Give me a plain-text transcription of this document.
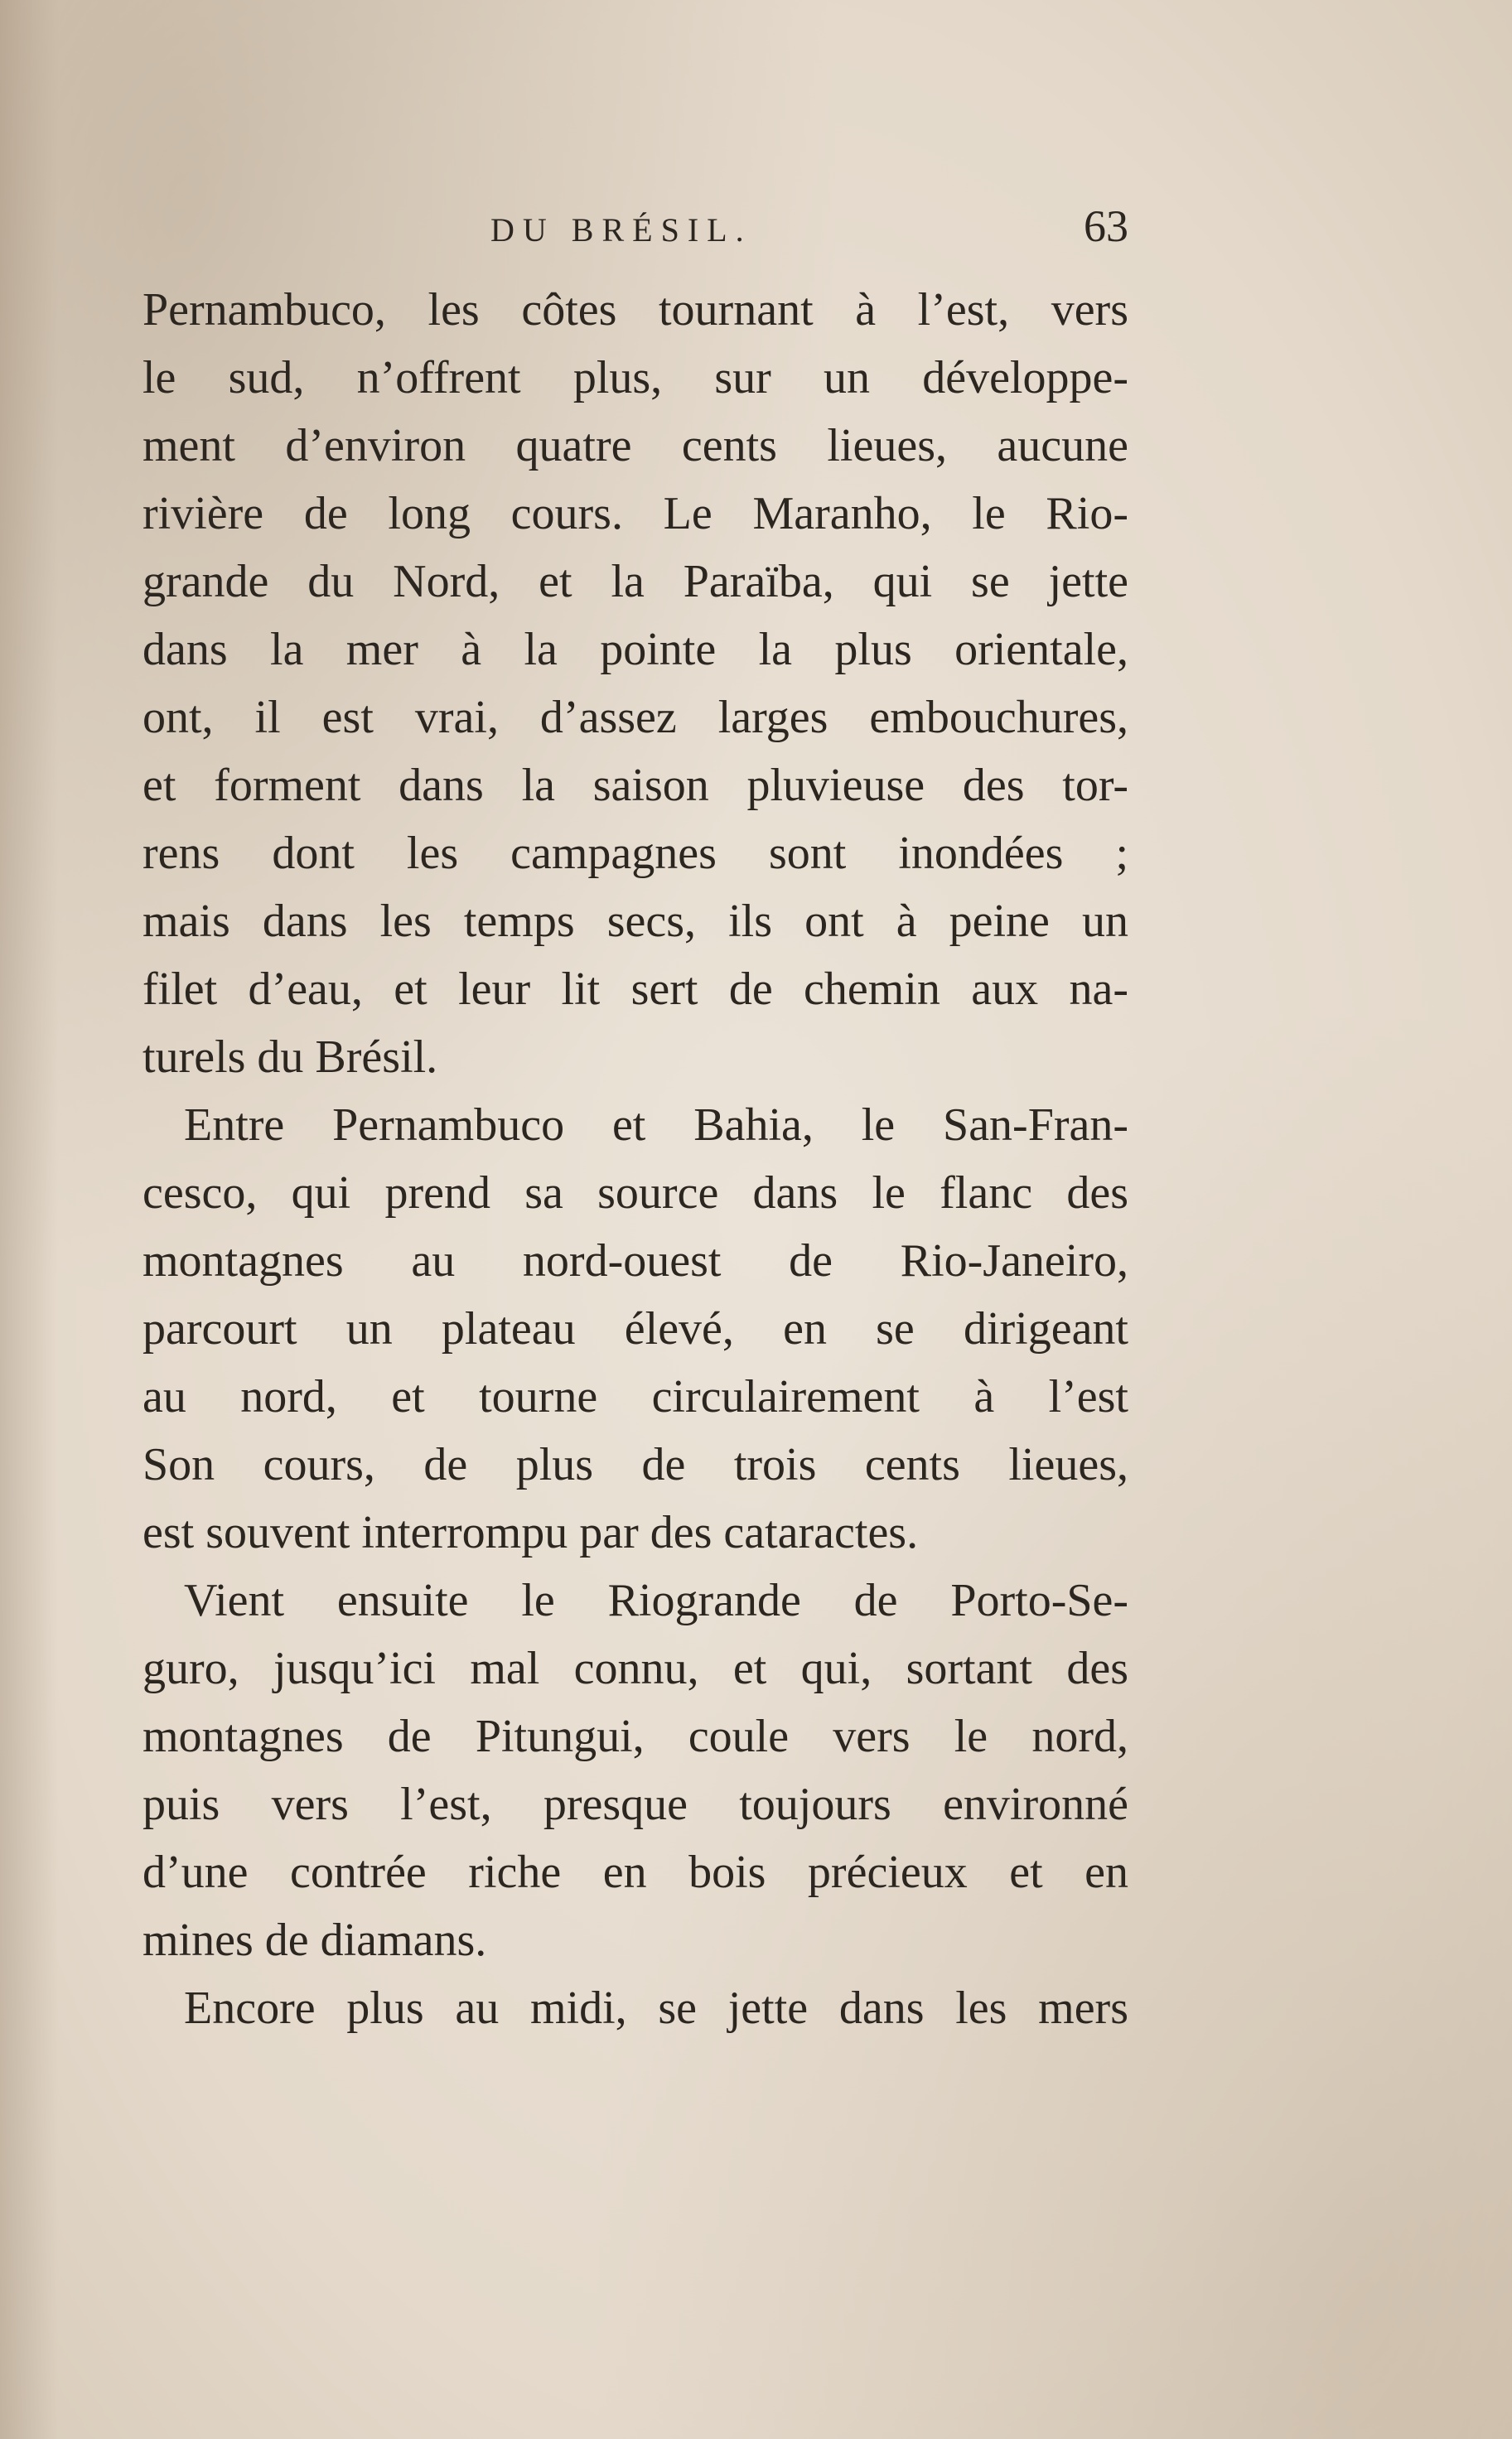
DU BRÉSIL.	63
Pernambuco, les côtes tournant à l’est, vers
le sud, n’offrent plus, sur un développe-
ment d’environ quatre cents lieues, aucune
rivière de long cours. Le Maranho, le Rio-
grande du Nord, et la Paraïba, qui se jette
dans la mer à la pointe la plus orientale,
ont, il est vrai, d’assez larges embouchures,
et forment dans la saison pluvieuse des tor-
rens dont les campagnes sont inondées ;
mais dans les temps secs, ils ont à peine un
filet d’eau, et leur lit sert de chemin aux na-
turels du Brésil.
Entre Pernambuco et Bahia, le San-Fran-
cesco, qui prend sa source dans le flanc des
montagnes au nord-ouest de Rio-Janeiro,
parcourt un plateau élevé, en se dirigeant
au nord, et tourne circulairement à l’est
Son cours, de plus de trois cents lieues,
est souvent interrompu par des cataractes.
Vient ensuite le Riogrande de Porto-Se-
guro, jusqu’ici mal connu, et qui, sortant des
montagnes de Pitungui, coule vers le nord,
puis vers l’est, presque toujours environné
d’une contrée riche en bois précieux et en
mines de diamans.
Encore plus au midi, se jette dans les mers
